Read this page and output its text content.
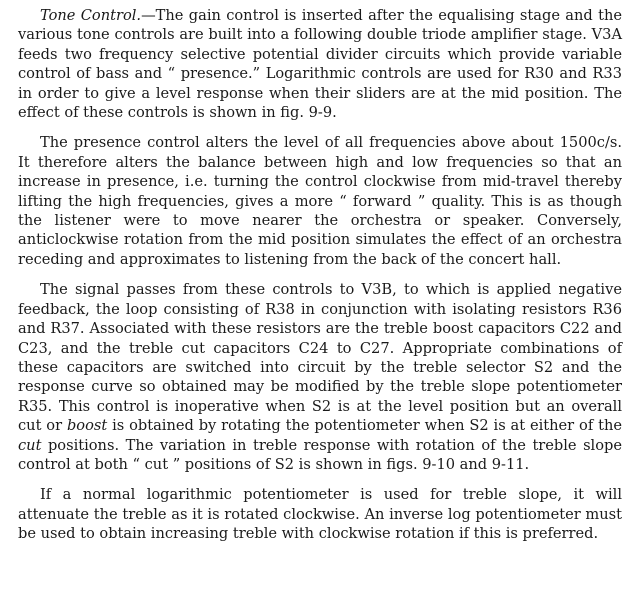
Tone Control.—The gain control is inserted after the equalising stage and the various tone controls are built into a following double triode amplifier stage. V3A feeds two frequency selective potential divider circuits which provide variable control of bass and “ presence.” Logarithmic controls are used for R30 and R33 in order to give a level response when their sliders are at the mid position. The effect of these controls is shown in fig. 9-9.

The presence control alters the level of all frequencies above about 1500c/s. It therefore alters the balance between high and low frequencies so that an increase in presence, i.e. turning the control clockwise from mid-travel thereby lifting the high frequencies, gives a more “ forward ” quality. This is as though the listener were to move nearer the orchestra or speaker. Conversely, anticlockwise rotation from the mid position simulates the effect of an orchestra receding and approximates to listening from the back of the concert hall.

The signal passes from these controls to V3B, to which is applied negative feedback, the loop consisting of R38 in conjunction with isolating resistors R36 and R37. Associated with these resistors are the treble boost capacitors C22 and C23, and the treble cut capacitors C24 to C27. Appropriate combinations of these capacitors are switched into circuit by the treble selector S2 and the response curve so obtained may be modified by the treble slope potentiometer R35. This control is inoperative when S2 is at the level position but an overall cut or boost is obtained by rotating the potentiometer when S2 is at either of the cut positions. The variation in treble response with rotation of the treble slope control at both “ cut ” positions of S2 is shown in figs. 9-10 and 9-11.

If a normal logarithmic potentiometer is used for treble slope, it will attenuate the treble as it is rotated clockwise. An inverse log potentiometer must be used to obtain increasing treble with clockwise rotation if this is preferred.
